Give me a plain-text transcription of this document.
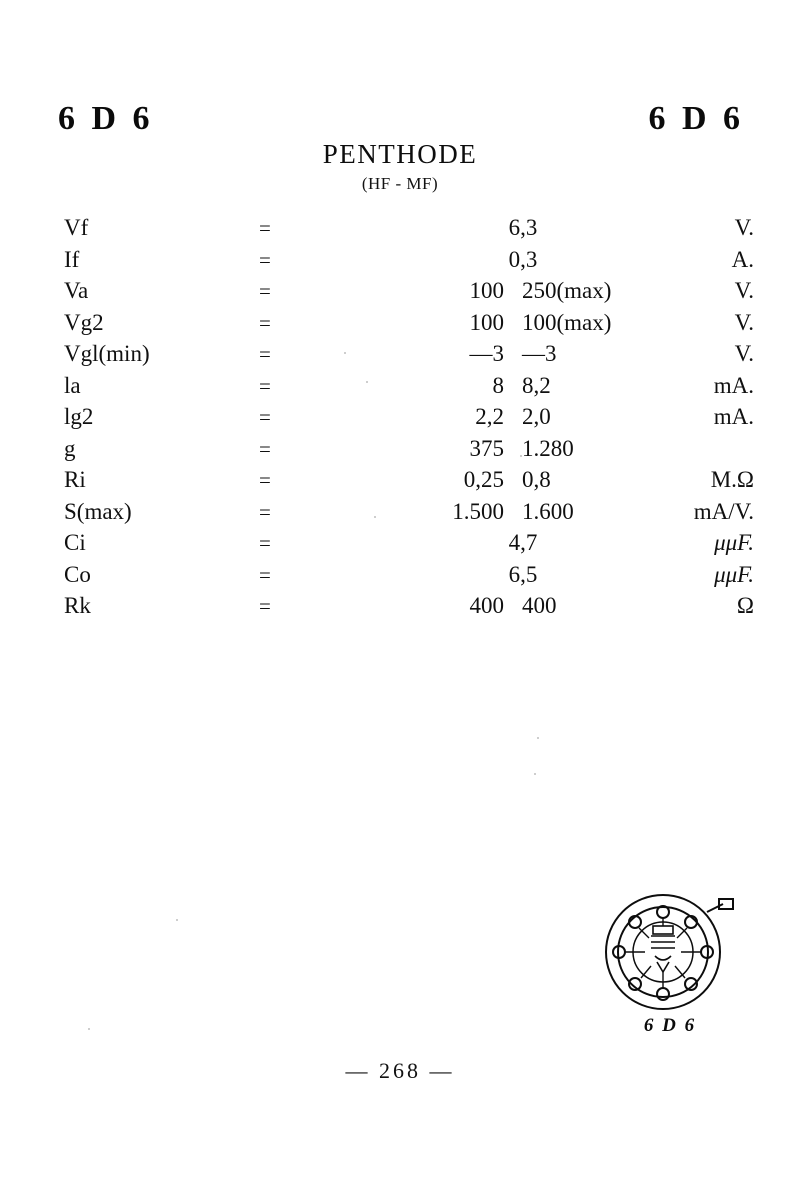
6 D 6	6 D 6
PENTHODE
(HF - MF)
Vf	=	6,3		V.
If	=	0,3		A.
Va	=	100	250(max)	V.
Vg2	=	100	100(max)	V.
Vgl(min)	=	—3	—3	V.
la	=	8	8,2	mA.
lg2	=	2,2	2,0	mA.
g	=	375	1.280	
Ri	=	0,25	0,8	M.Ω
S(max)	=	1.500	1.600	mA/V.
Ci	=	4,7		μμF.
Co	=	6,5		μμF.
Rk	=	400	400	Ω
6 D 6
— 268 —
